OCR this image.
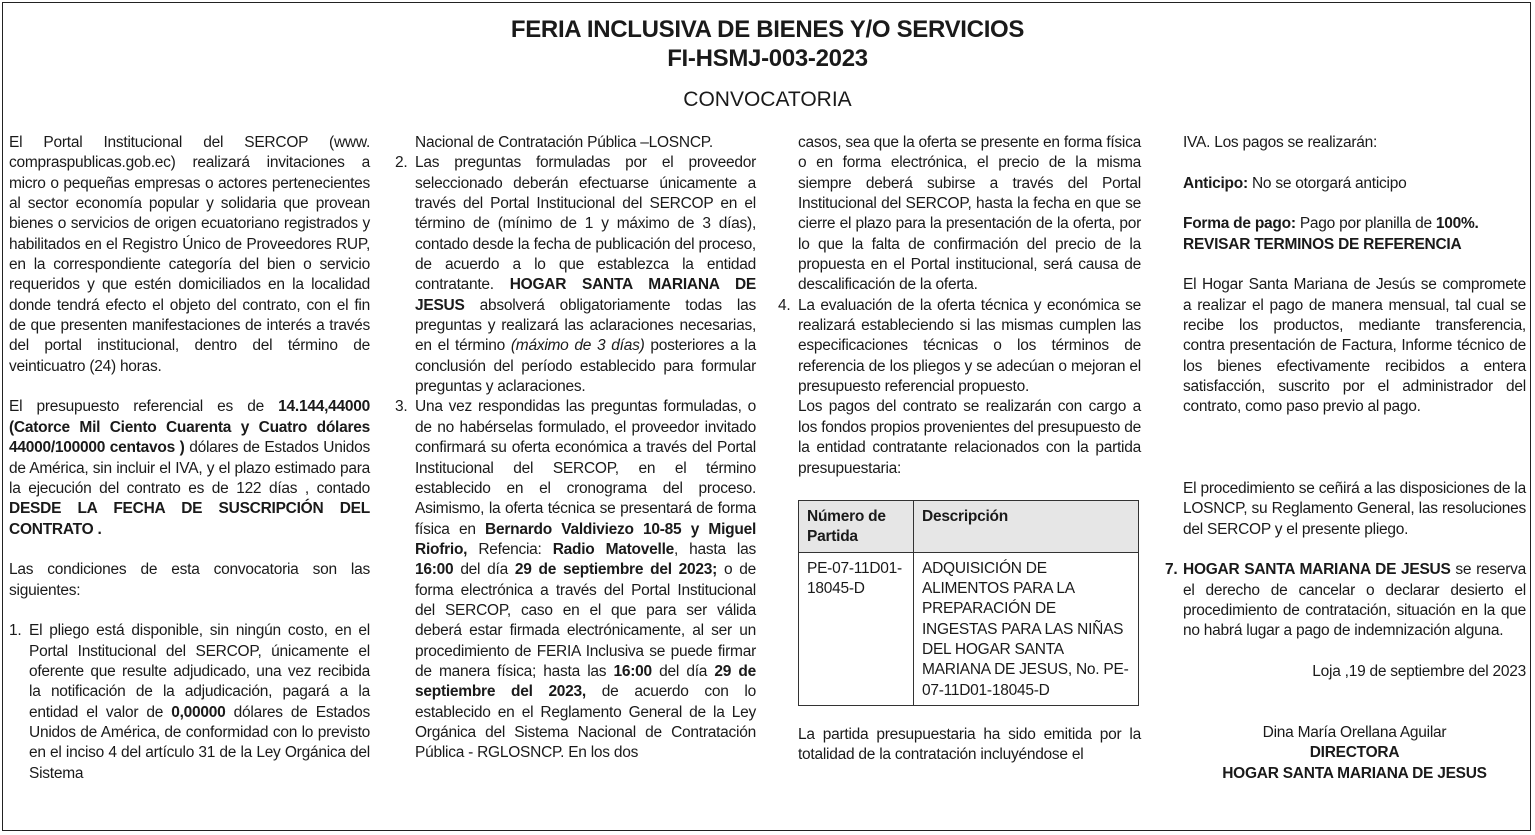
FERIA INCLUSIVA DE BIENES Y/O SERVICIOS
FI-HSMJ-003-2023
CONVOCATORIA

El Portal Institucional del SERCOP (www. compraspublicas.gob.ec) realizará invitaciones a micro o pequeñas empresas o actores pertenecientes al sector economía popular y solidaria que provean bienes o servicios de origen ecuatoriano registrados y habilitados en el Registro Único de Proveedores RUP, en la correspondiente categoría del bien o servicio requeridos y que estén domiciliados en la localidad donde tendrá efecto el objeto del contrato, con el fin de que presenten manifestaciones de interés a través del portal institucional, dentro del término de veinticuatro (24) horas.

El presupuesto referencial es de 14.144,44000 (Catorce Mil Ciento Cuarenta y Cuatro dólares 44000/100000 centavos ) dólares de Estados Unidos de América, sin incluir el IVA, y el plazo estimado para la ejecución del contrato es de 122 días , contado DESDE LA FECHA DE SUSCRIPCIÓN DEL CONTRATO .

Las condiciones de esta convocatoria son las siguientes:

1. El pliego está disponible, sin ningún costo, en el Portal Institucional del SERCOP, únicamente el oferente que resulte adjudicado, una vez recibida la notificación de la adjudicación, pagará a la entidad el valor de 0,00000 dólares de Estados Unidos de América, de conformidad con lo previsto en el inciso 4 del artículo 31 de la Ley Orgánica del Sistema

Nacional de Contratación Pública –LOSNCP.

2. Las preguntas formuladas por el proveedor seleccionado deberán efectuarse únicamente a través del Portal Institucional del SERCOP en el término de (mínimo de 1 y máximo de 3 días), contado desde la fecha de publicación del proceso, de acuerdo a lo que establezca la entidad contratante. HOGAR SANTA MARIANA DE JESUS absolverá obligatoriamente todas las preguntas y realizará las aclaraciones necesarias, en el término (máximo de 3 días) posteriores a la conclusión del período establecido para formular preguntas y aclaraciones.
3. Una vez respondidas las preguntas formuladas, o de no habérselas formulado, el proveedor invitado confirmará su oferta económica a través del Portal Institucional del SERCOP, en el término establecido en el cronograma del proceso. Asimismo, la oferta técnica se presentará de forma física en Bernardo Valdiviezo 10-85 y Miguel Riofrio, Refencia: Radio Matovelle, hasta las 16:00 del día 29 de septiembre del 2023; o de forma electrónica a través del Portal Institucional del SERCOP, caso en el que para ser válida deberá estar firmada electrónicamente, al ser un procedimiento de FERIA Inclusiva se puede firmar de manera física; hasta las 16:00 del día 29 de septiembre del 2023, de acuerdo con lo establecido en el Reglamento General de la Ley Orgánica del Sistema Nacional de Contratación Pública - RGLOSNCP. En los dos

casos, sea que la oferta se presente en forma física o en forma electrónica, el precio de la misma siempre deberá subirse a través del Portal Institucional del SERCOP, hasta la fecha en que se cierre el plazo para la presentación de la oferta, por lo que la falta de confirmación del precio de la propuesta en el Portal institucional, será causa de descalificación de la oferta.

4. La evaluación de la oferta técnica y económica se realizará estableciendo si las mismas cumplen las especificaciones técnicas o los términos de referencia de los pliegos y se adecúan o mejoran el presupuesto referencial propuesto.

Los pagos del contrato se realizarán con cargo a los fondos propios provenientes del presupuesto de la entidad contratante relacionados con la partida presupuestaria:

Número de Partida	Descripción
PE-07-11D01-18045-D	ADQUISICIÓN DE ALIMENTOS PARA LA PREPARACIÓN DE INGESTAS PARA LAS NIÑAS DEL HOGAR SANTA MARIANA DE JESUS, No. PE-07-11D01-18045-D

La partida presupuestaria ha sido emitida por la totalidad de la contratación incluyéndose el

IVA. Los pagos se realizarán:

Anticipo: No se otorgará anticipo

Forma de pago: Pago por planilla de 100%.
REVISAR TERMINOS DE REFERENCIA

El Hogar Santa Mariana de Jesús se compromete a realizar el pago de manera mensual, tal cual se recibe los productos, mediante transferencia, contra presentación de Factura, Informe técnico de los bienes efectivamente recibidos a entera satisfacción, suscrito por el administrador del contrato, como paso previo al pago.

El procedimiento se ceñirá a las disposiciones de la LOSNCP, su Reglamento General, las resoluciones del SERCOP y el presente pliego.

7. HOGAR SANTA MARIANA DE JESUS se reserva el derecho de cancelar o declarar desierto el procedimiento de contratación, situación en la que no habrá lugar a pago de indemnización alguna.

Loja ,19 de septiembre del 2023

Dina María Orellana Aguilar

DIRECTORA

HOGAR SANTA MARIANA DE JESUS
